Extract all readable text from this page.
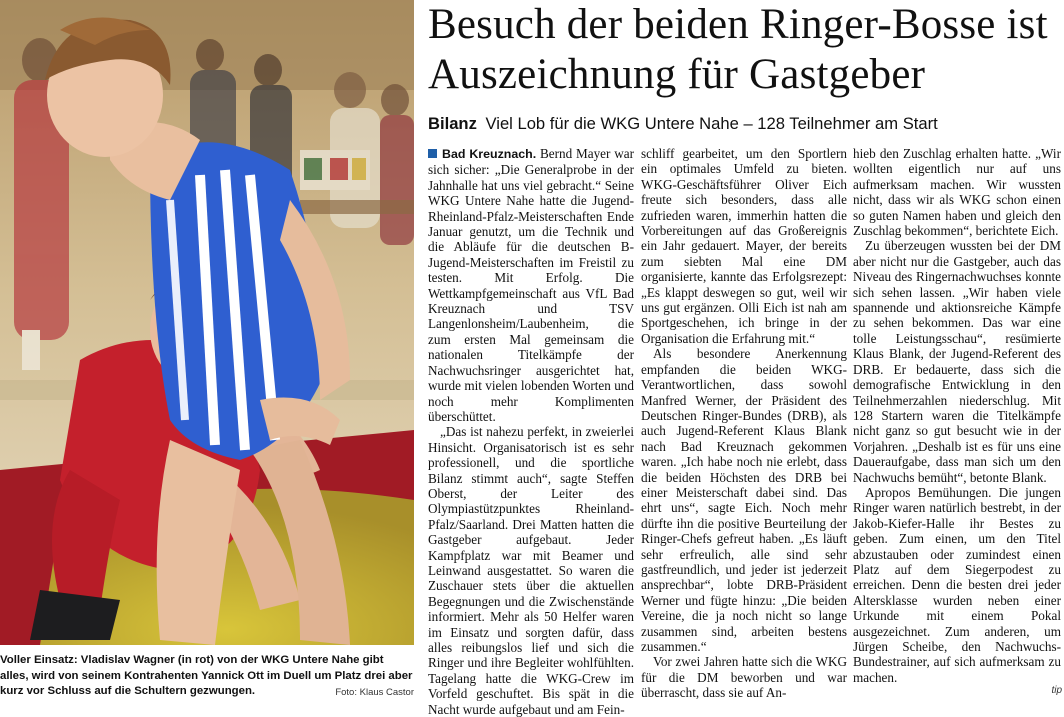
Voller Einsatz: Vladislav Wagner (in rot) von der WKG Untere Nahe gibt alles, wird von seinem Kontrahenten Yannick Ott im Duell um Platz drei aber kurz vor Schluss auf die Schultern gezwungen.	Foto: Klaus Castor
Besuch der beiden Ringer-Bosse ist Auszeichnung für Gastgeber
Bilanz Viel Lob für die WKG Untere Nahe – 128 Teilnehmer am Start

Bad Kreuznach. Bernd Mayer war sich sicher: „Die Generalprobe in der Jahnhalle hat uns viel gebracht.“ Seine WKG Untere Nahe hatte die Jugend-Rheinland-Pfalz-Meisterschaften Ende Januar genutzt, um die Technik und die Abläufe für die deutschen B-Jugend-Meisterschaften im Freistil zu testen. Mit Erfolg. Die Wettkampfgemeinschaft aus VfL Bad Kreuznach und TSV Langenlonsheim/Laubenheim, die zum ersten Mal gemeinsam die nationalen Titelkämpfe der Nachwuchsringer ausgerichtet hat, wurde mit vielen lobenden Worten und noch mehr Komplimenten überschüttet.

„Das ist nahezu perfekt, in zweierlei Hinsicht. Organisatorisch ist es sehr professionell, und die sportliche Bilanz stimmt auch“, sagte Steffen Oberst, der Leiter des Olympiastützpunktes Rheinland-Pfalz/Saarland. Drei Matten hatten die Gastgeber aufgebaut. Jeder Kampfplatz war mit Beamer und Leinwand ausgestattet. So waren die Zuschauer stets über die aktuellen Begegnungen und die Zwischenstände informiert. Mehr als 50 Helfer waren im Einsatz und sorgten dafür, dass alles reibungslos lief und sich die Ringer und ihre Begleiter wohlfühlten. Tagelang hatte die WKG-Crew im Vorfeld geschuftet. Bis spät in die Nacht wurde aufgebaut und am Fein-

schliff gearbeitet, um den Sportlern ein optimales Umfeld zu bieten. WKG-Geschäftsführer Oliver Eich freute sich besonders, dass alle zufrieden waren, immerhin hatten die Vorbereitungen auf das Großereignis ein Jahr gedauert. Mayer, der bereits zum siebten Mal eine DM organisierte, kannte das Erfolgsrezept: „Es klappt deswegen so gut, weil wir uns gut ergänzen. Olli Eich ist nah am Sportgeschehen, ich bringe in der Organisation die Erfahrung mit.“

Als besondere Anerkennung empfanden die beiden WKG-Verantwortlichen, dass sowohl Manfred Werner, der Präsident des Deutschen Ringer-Bundes (DRB), als auch Jugend-Referent Klaus Blank nach Bad Kreuznach gekommen waren. „Ich habe noch nie erlebt, dass die beiden Höchsten des DRB bei einer Meisterschaft dabei sind. Das ehrt uns“, sagte Eich. Noch mehr dürfte ihn die positive Beurteilung der Ringer-Chefs gefreut haben. „Es läuft sehr erfreulich, alle sind sehr gastfreundlich, und jeder ist jederzeit ansprechbar“, lobte DRB-Präsident Werner und fügte hinzu: „Die beiden Vereine, die ja noch nicht so lange zusammen sind, arbeiten bestens zusammen.“

Vor zwei Jahren hatte sich die WKG für die DM beworben und war überrascht, dass sie auf An-

hieb den Zuschlag erhalten hatte. „Wir wollten eigentlich nur auf uns aufmerksam machen. Wir wussten nicht, dass wir als WKG schon einen so guten Namen haben und gleich den Zuschlag bekommen“, berichtete Eich.

Zu überzeugen wussten bei der DM aber nicht nur die Gastgeber, auch das Niveau des Ringernachwuchses konnte sich sehen lassen. „Wir haben viele spannende und aktionsreiche Kämpfe zu sehen bekommen. Das war eine tolle Leistungsschau“, resümierte Klaus Blank, der Jugend-Referent des DRB. Er bedauerte, dass sich die demografische Entwicklung in den Teilnehmerzahlen niederschlug. Mit 128 Startern waren die Titelkämpfe nicht ganz so gut besucht wie in der Vorjahren. „Deshalb ist es für uns eine Daueraufgabe, dass man sich um den Nachwuchs bemüht“, betonte Blank.

Apropos Bemühungen. Die jungen Ringer waren natürlich bestrebt, in der Jakob-Kiefer-Halle ihr Bestes zu geben. Zum einen, um den Titel abzustauben oder zumindest einen Platz auf dem Siegerpodest zu erreichen. Denn die besten drei jeder Altersklasse wurden neben einer Urkunde mit einem Pokal ausgezeichnet. Zum anderen, um Jürgen Scheibe, den Nachwuchs-Bundestrainer, auf sich aufmerksam zu machen.

tip
